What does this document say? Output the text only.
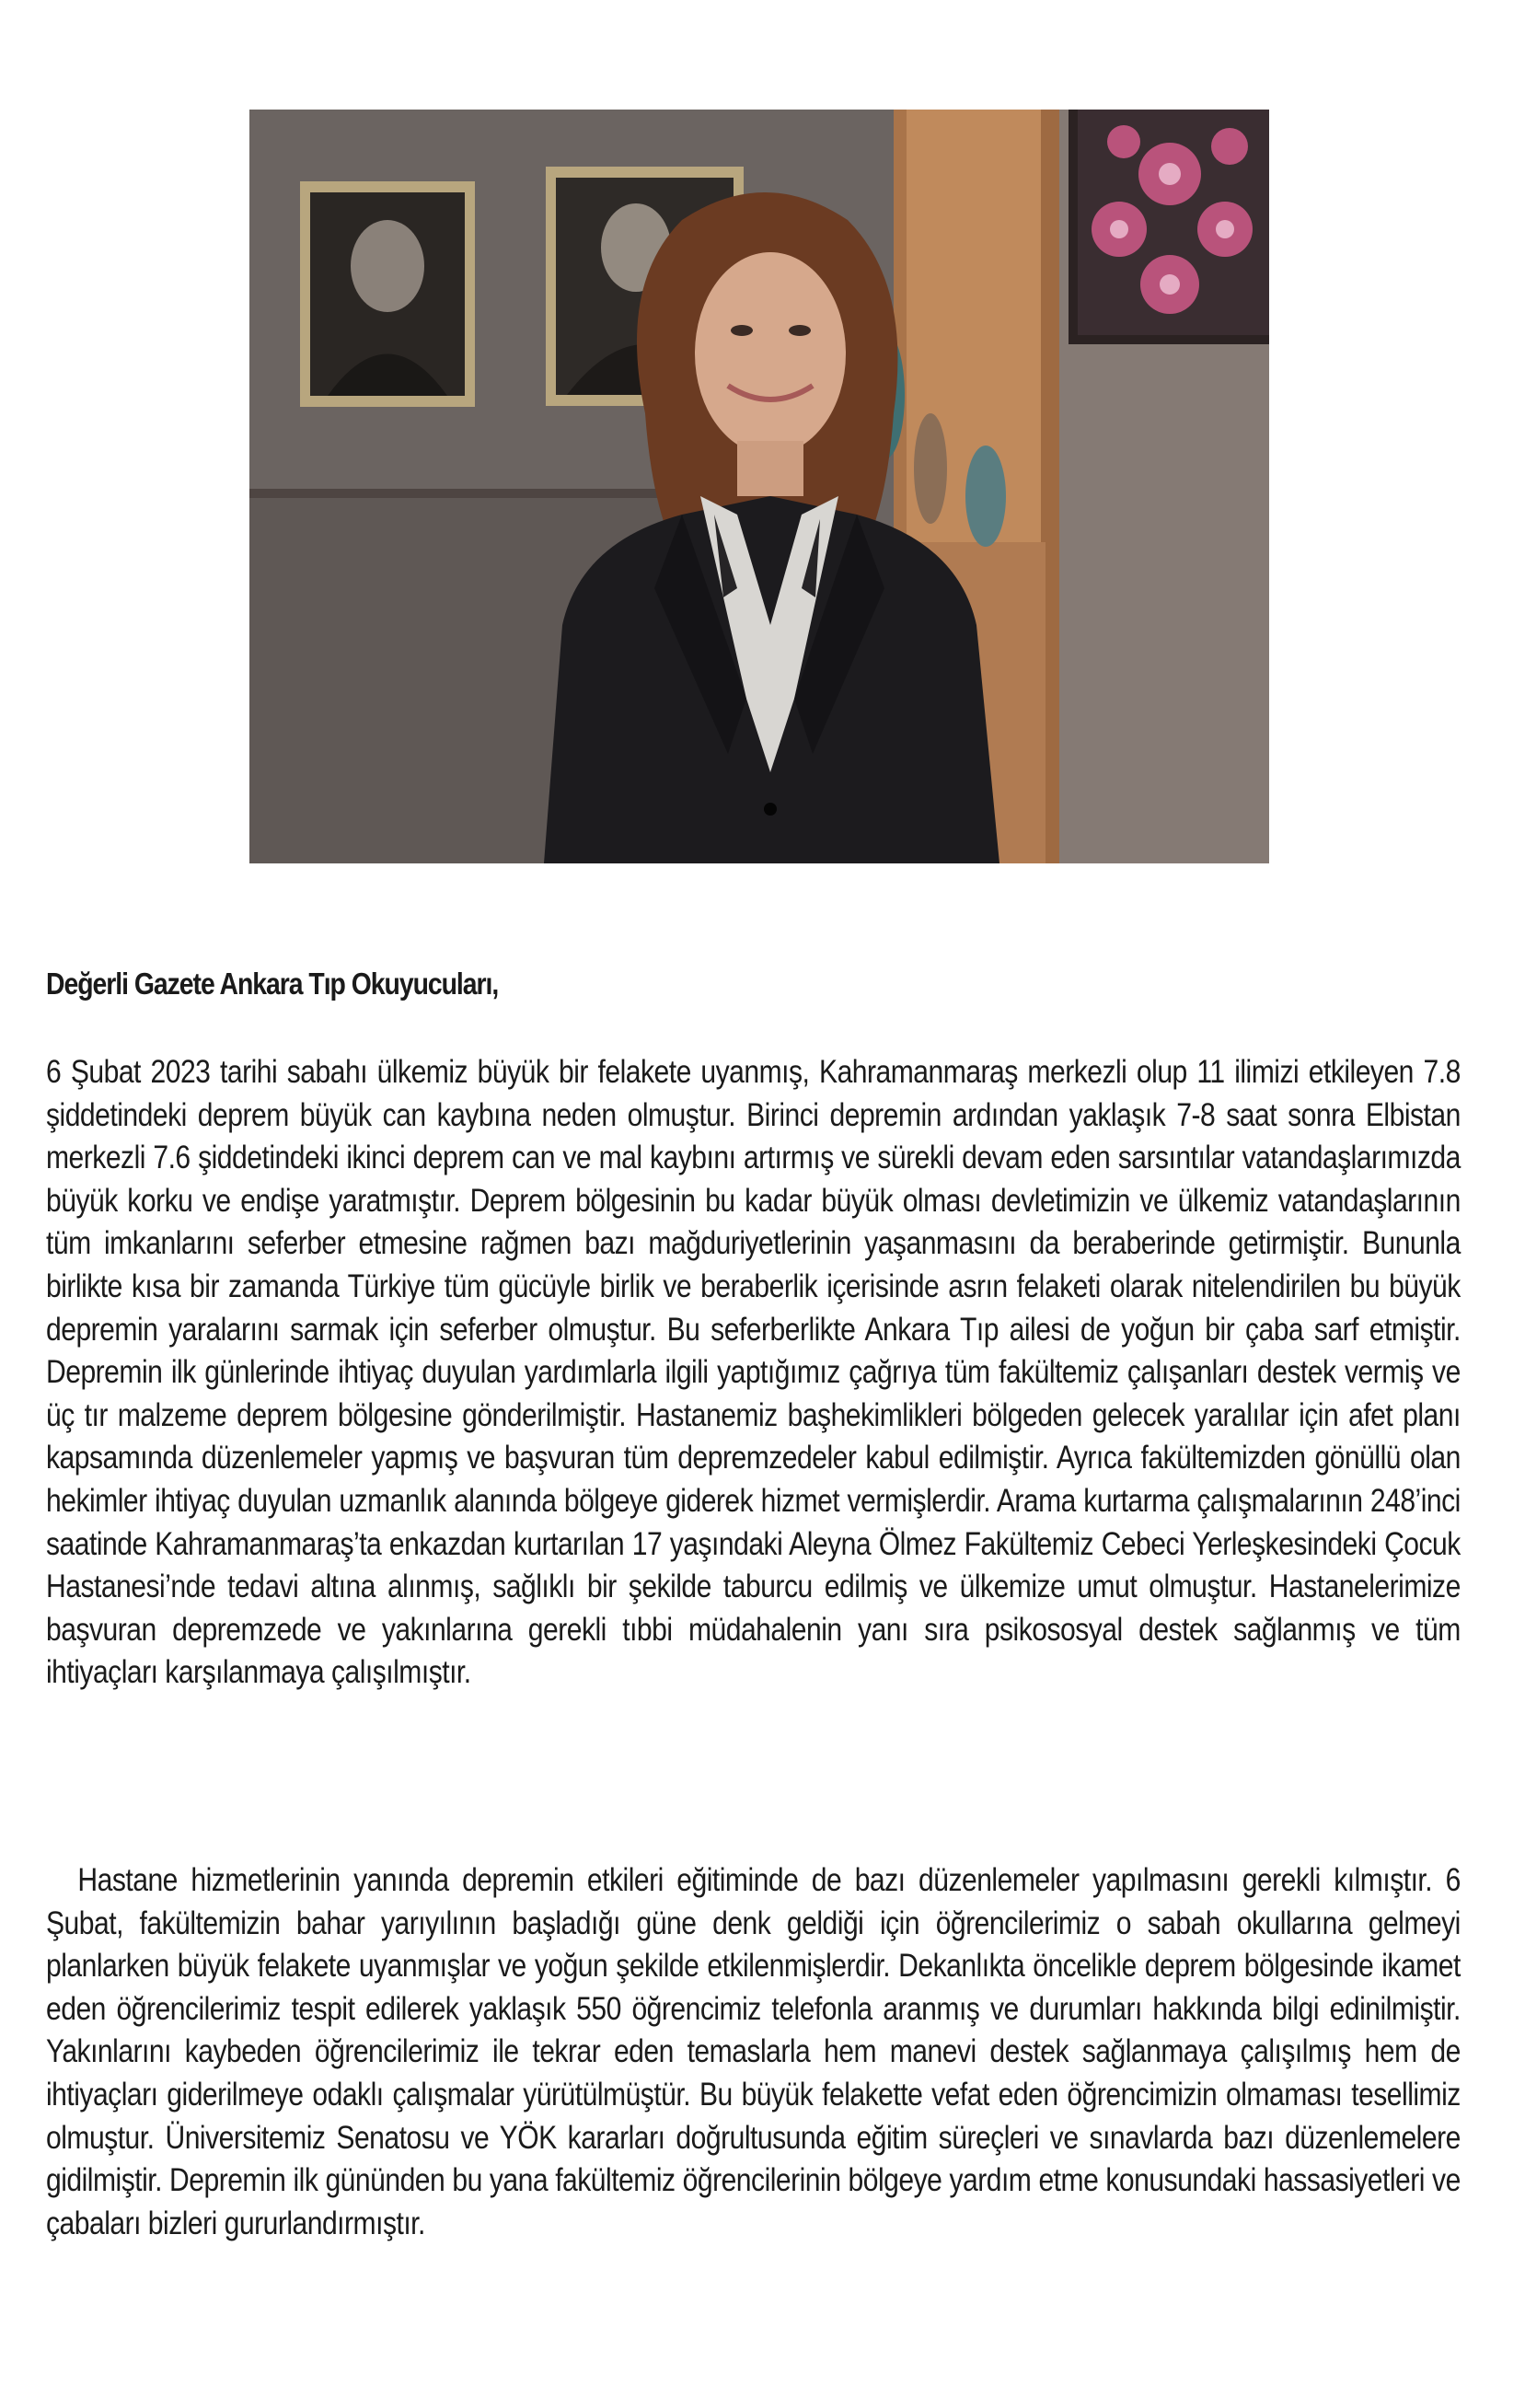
Değerli Gazete Ankara Tıp Okuyucuları,

6 Şubat 2023 tarihi sabahı ülkemiz büyük bir felakete uyanmış, Kahramanmaraş merkezli olup 11 ilimizi etkileyen 7.8 şiddetindeki deprem büyük can kaybına neden olmuştur. Birinci depremin ardından yaklaşık 7-8 saat sonra Elbistan merkezli 7.6 şiddetindeki ikinci deprem can ve mal kaybını artırmış ve sürekli devam eden sarsıntılar vatandaşlarımızda büyük korku ve endişe yaratmıştır. Deprem bölgesinin bu kadar büyük olması devletimizin ve ülkemiz vatandaşlarının tüm imkanlarını seferber etmesine rağmen bazı mağduriyetlerinin yaşanmasını da beraberinde getirmiştir. Bununla birlikte kısa bir zamanda Türkiye tüm gücüyle birlik ve beraberlik içerisinde asrın felaketi olarak nitelendirilen bu büyük depremin yaralarını sarmak için seferber olmuştur. Bu seferberlikte Ankara Tıp ailesi de yoğun bir çaba sarf etmiştir. Depremin ilk günlerinde ihtiyaç duyulan yardımlarla ilgili yaptığımız çağrıya tüm fakültemiz çalışanları destek vermiş ve üç tır malzeme deprem bölgesine gönderilmiştir. Hastanemiz başhekimlikleri bölgeden gelecek yaralılar için afet planı kapsamında düzenlemeler yapmış ve başvuran tüm depremzedeler kabul edilmiştir. Ayrıca fakültemizden gönüllü olan hekimler ihtiyaç duyulan uzmanlık alanında bölgeye giderek hizmet vermişlerdir. Arama kurtarma çalışmalarının 248’inci saatinde Kahramanmaraş’ta enkazdan kurtarılan 17 yaşındaki Aleyna Ölmez Fakültemiz Cebeci Yerleşkesindeki Çocuk Hastanesi’nde tedavi altına alınmış, sağlıklı bir şekilde taburcu edilmiş ve ülkemize umut olmuştur. Hastanelerimize başvuran depremzede ve yakınlarına gerekli tıbbi müdahalenin yanı sıra psikososyal destek sağlanmış ve tüm ihtiyaçları karşılanmaya çalışılmıştır.

Hastane hizmetlerinin yanında depremin etkileri eğitiminde de bazı düzenlemeler yapılmasını gerekli kılmıştır. 6 Şubat, fakültemizin bahar yarıyılının başladığı güne denk geldiği için öğrencilerimiz o sabah okullarına gelmeyi planlarken büyük felakete uyanmışlar ve yoğun şekilde etkilenmişlerdir. Dekanlıkta öncelikle deprem bölgesinde ikamet eden öğrencilerimiz tespit edilerek yaklaşık 550 öğrencimiz telefonla aranmış ve durumları hakkında bilgi edinilmiştir. Yakınlarını kaybeden öğrencilerimiz ile tekrar eden temaslarla hem manevi destek sağlanmaya çalışılmış hem de ihtiyaçları giderilmeye odaklı çalışmalar yürütülmüştür. Bu büyük felakette vefat eden öğrencimizin olmaması tesellimiz olmuştur. Üniversitemiz Senatosu ve YÖK kararları doğrultusunda eğitim süreçleri ve sınavlarda bazı düzenlemelere gidilmiştir. Depremin ilk gününden bu yana fakültemiz öğrencilerinin bölgeye yardım etme konusundaki hassasiyetleri ve çabaları bizleri gururlandırmıştır.
